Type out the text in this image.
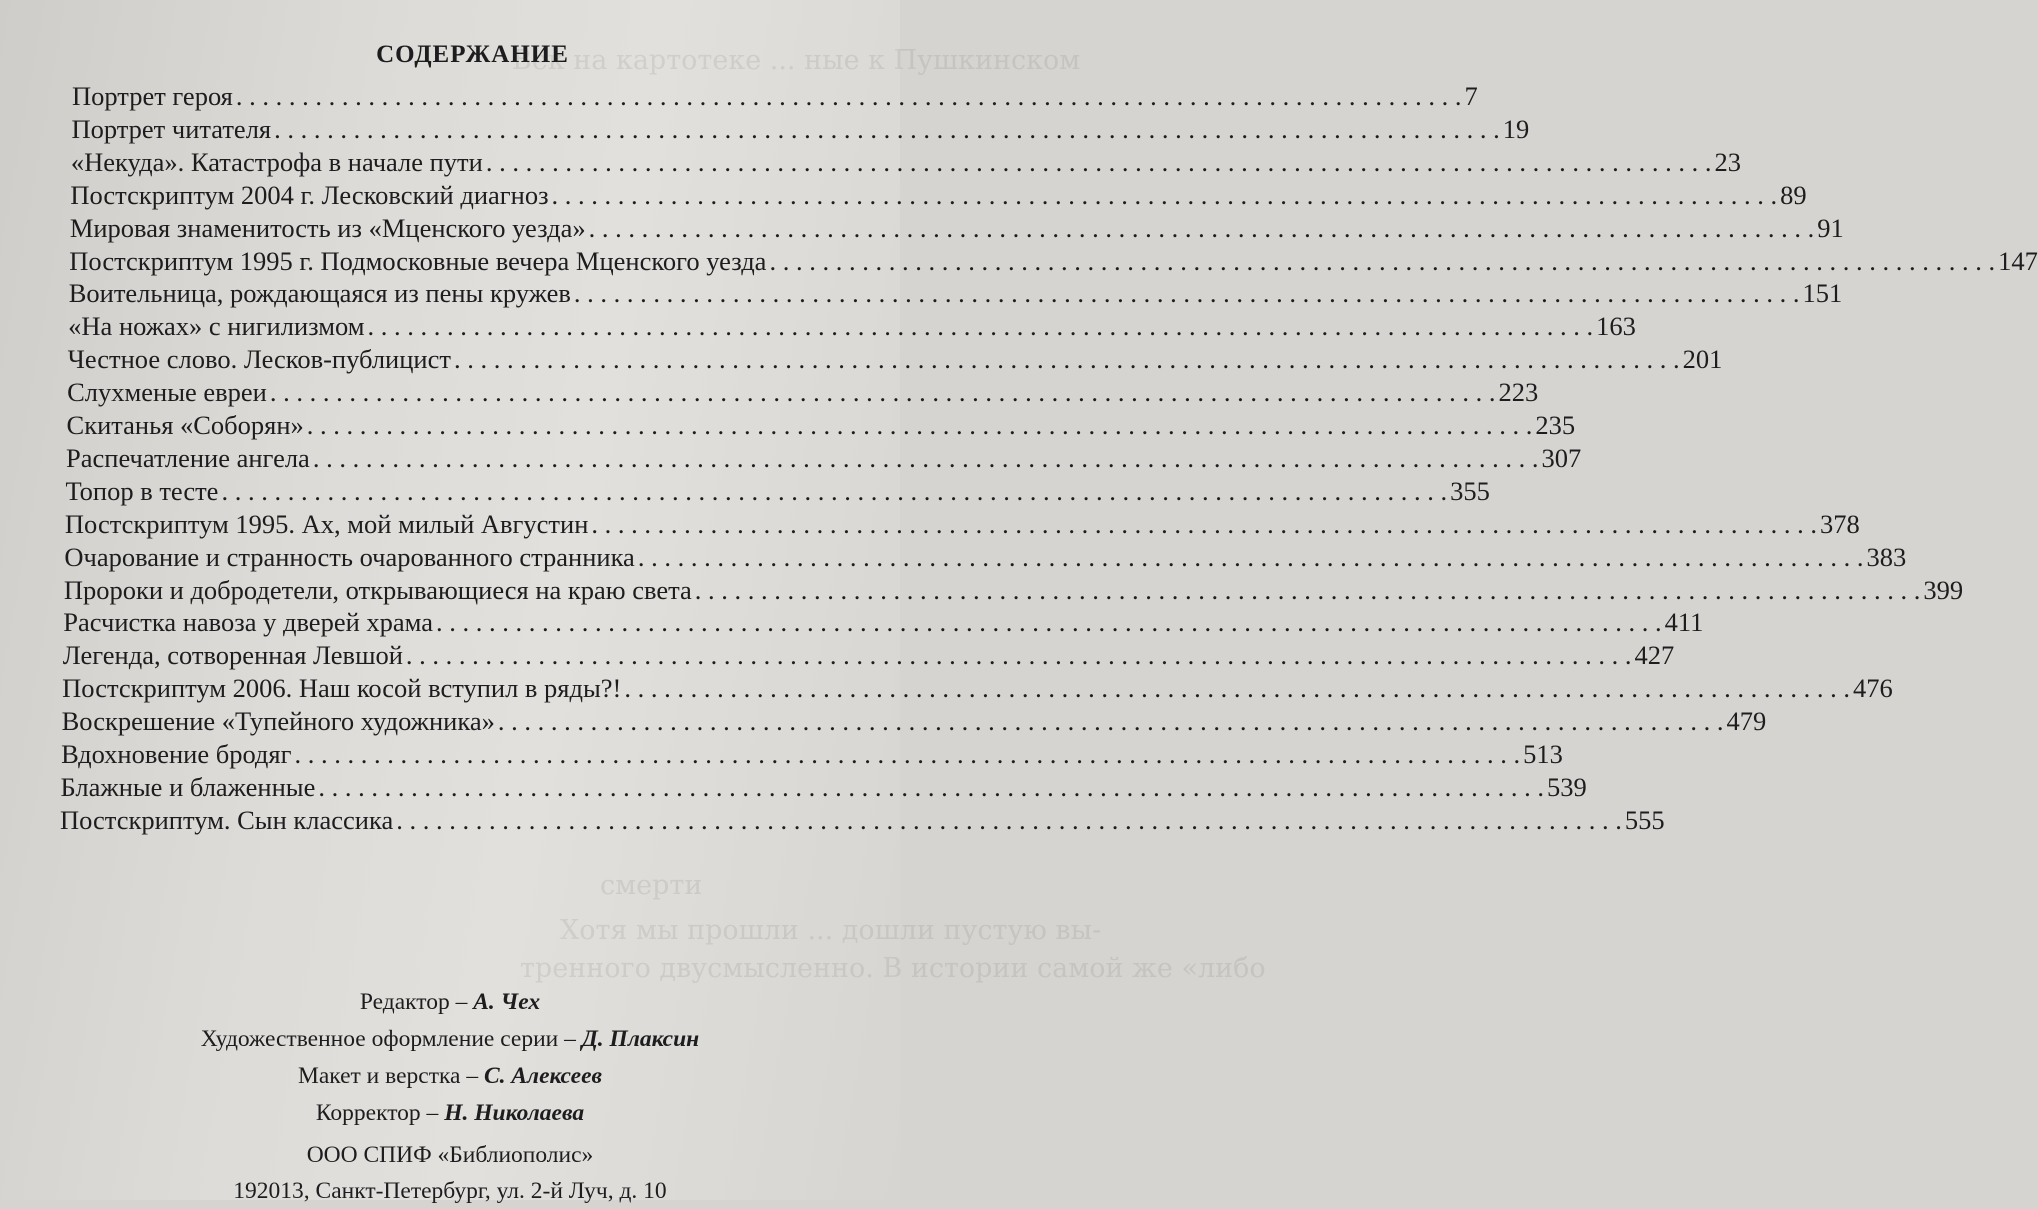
Век на картотеке ... ные к Пушкинском
смерти
Хотя мы прошли ... дошли пустую вы-
тренного двусмысленно. В истории самой же «либо
СОДЕРЖАНИЕ
Портрет героя . . .	7
Портрет читателя . . .	19
«Некуда». Катастрофа в начале пути . . .	23
Постскриптум 2004 г. Лесковский диагноз . . .	89
Мировая знаменитость из «Мценского уезда» . . .	91
Постскриптум 1995 г. Подмосковные вечера Мценского уезда . . .	147
Воительница, рождающаяся из пены кружев . . .	151
«На ножах» с нигилизмом . . .	163
Честное слово. Лесков-публицист . . .	201
Слухменые евреи . . .	223
Скитанья «Соборян» . . .	235
Распечатление ангела . . .	307
Топор в тесте . . .	355
Постскриптум 1995. Ах, мой милый Августин . . .	378
Очарование и странность очарованного странника . . .	383
Пророки и добродетели, открывающиеся на краю света . . .	399
Расчистка навоза у дверей храма . . .	411
Легенда, сотворенная Левшой . . .	427
Постскриптум 2006. Наш косой вступил в ряды?! . . .	476
Воскрешение «Тупейного художника» . . .	479
Вдохновение бродяг . . .	513
Блажные и блаженные . . .	539
Постскриптум. Сын классика . . .	555
Редактор – А. Чех
Художественное оформление серии – Д. Плаксин
Макет и верстка – С. Алексеев
Корректор – Н. Николаева
ООО СПИФ «Библиополис»
192013, Санкт-Петербург, ул. 2-й Луч, д. 10
